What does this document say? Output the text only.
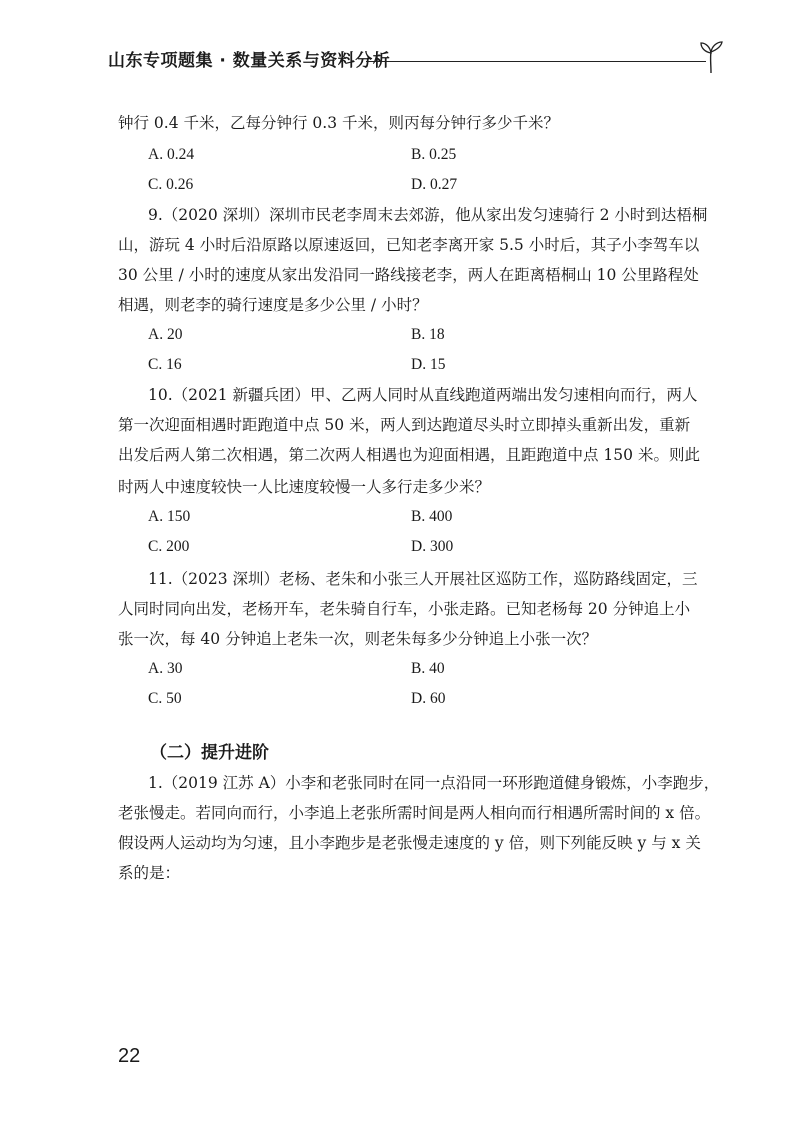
山东专项题集 · 数量关系与资料分析
钟行 0.4 千米，乙每分钟行 0.3 千米，则丙每分钟行多少千米？
A. 0.24	B. 0.25
C. 0.26	D. 0.27
9.（2020 深圳）深圳市民老李周末去郊游，他从家出发匀速骑行 2 小时到达梧桐
山，游玩 4 小时后沿原路以原速返回，已知老李离开家 5.5 小时后，其子小李驾车以
30 公里 / 小时的速度从家出发沿同一路线接老李，两人在距离梧桐山 10 公里路程处
相遇，则老李的骑行速度是多少公里 / 小时？
A. 20	B. 18
C. 16	D. 15
10.（2021 新疆兵团）甲、乙两人同时从直线跑道两端出发匀速相向而行，两人
第一次迎面相遇时距跑道中点 50 米，两人到达跑道尽头时立即掉头重新出发，重新
出发后两人第二次相遇，第二次两人相遇也为迎面相遇，且距跑道中点 150 米。则此
时两人中速度较快一人比速度较慢一人多行走多少米？
A. 150	B. 400
C. 200	D. 300
11.（2023 深圳）老杨、老朱和小张三人开展社区巡防工作，巡防路线固定，三
人同时同向出发，老杨开车，老朱骑自行车，小张走路。已知老杨每 20 分钟追上小
张一次，每 40 分钟追上老朱一次，则老朱每多少分钟追上小张一次？
A. 30	B. 40
C. 50	D. 60
（二）提升进阶
1.（2019 江苏 A）小李和老张同时在同一点沿同一环形跑道健身锻炼，小李跑步，
老张慢走。若同向而行，小李追上老张所需时间是两人相向而行相遇所需时间的 x 倍。
假设两人运动均为匀速，且小李跑步是老张慢走速度的 y 倍，则下列能反映 y 与 x 关
系的是：
22
